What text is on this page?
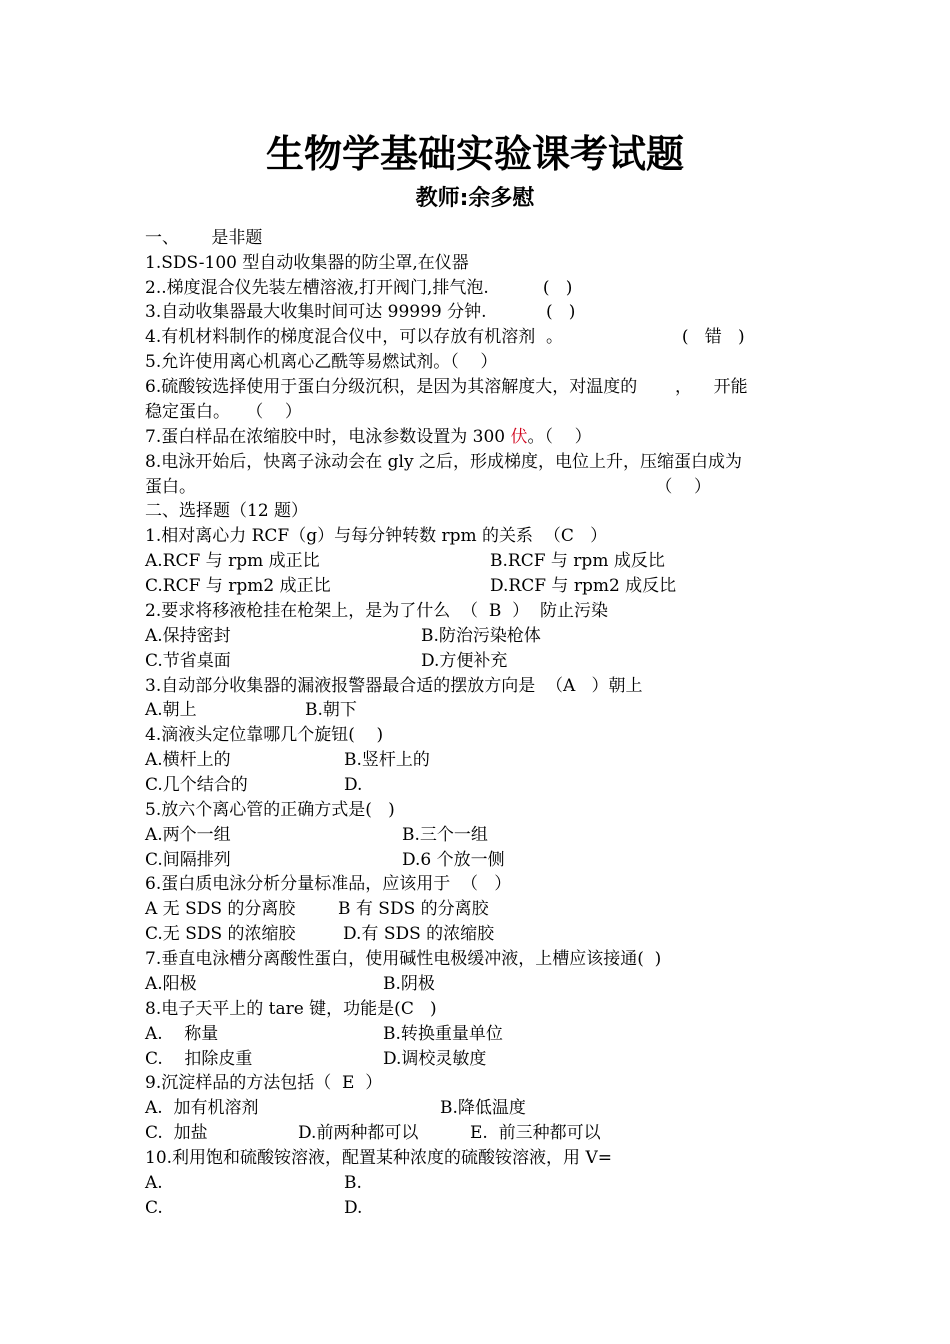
生物学基础实验课考试题
教师:余多慰
一、      是非题
1.SDS-100 型自动收集器的防尘罩,在仪器
2..梯度混合仪先装左槽溶液,打开阀门,排气泡.          (   )
3.自动收集器最大收集时间可达 99999 分钟.           (   )
4.有机材料制作的梯度混合仪中，可以存放有机溶剂  。                      (   错   )
5.允许使用离心机离心乙酰等易燃试剂。（    ）
6.硫酸铵选择使用于蛋白分级沉积，是因为其溶解度大，对温度的       ，    开能
稳定蛋白。   （    ）
7.蛋白样品在浓缩胶中时，电泳参数设置为 300 伏。（    ）
8.电泳开始后，快离子泳动会在 gly 之后，形成梯度，电位上升，压缩蛋白成为
蛋白。                                                                                     （    ）
二、选择题（12 题）
1.相对离心力 RCF（g）与每分钟转数 rpm 的关系  （C   ）
A.RCF 与 rpm 成正比	B.RCF 与 rpm 成反比
C.RCF 与 rpm2 成正比	D.RCF 与 rpm2 成反比
2.要求将移液枪挂在枪架上，是为了什么  （  B  ）  防止污染
A.保持密封	B.防治污染枪体
C.节省桌面	D.方便补充
3.自动部分收集器的漏液报警器最合适的摆放方向是  （A   ）朝上
A.朝上	B.朝下
4.滴液头定位靠哪几个旋钮(    )
A.横杆上的	B.竖杆上的
C.几个结合的	D.
5.放六个离心管的正确方式是(   )
A.两个一组	B.三个一组
C.间隔排列	D.6 个放一侧
6.蛋白质电泳分析分量标准品，应该用于  （   ）
A 无 SDS 的分离胶	B 有 SDS 的分离胶
C.无 SDS 的浓缩胶	D.有 SDS 的浓缩胶
7.垂直电泳槽分离酸性蛋白，使用碱性电极缓冲液，上槽应该接通(  )
A.阳极	B.阴极
8.电子天平上的 tare 键，功能是(C   )
A.    称量	B.转换重量单位
C.    扣除皮重	D.调校灵敏度
9.沉淀样品的方法包括（  E  ）
A.  加有机溶剂	B.降低温度
C.  加盐	D.前两种都可以	E.  前三种都可以
10.利用饱和硫酸铵溶液，配置某种浓度的硫酸铵溶液，用 V=
A.	B.
C.	D.
